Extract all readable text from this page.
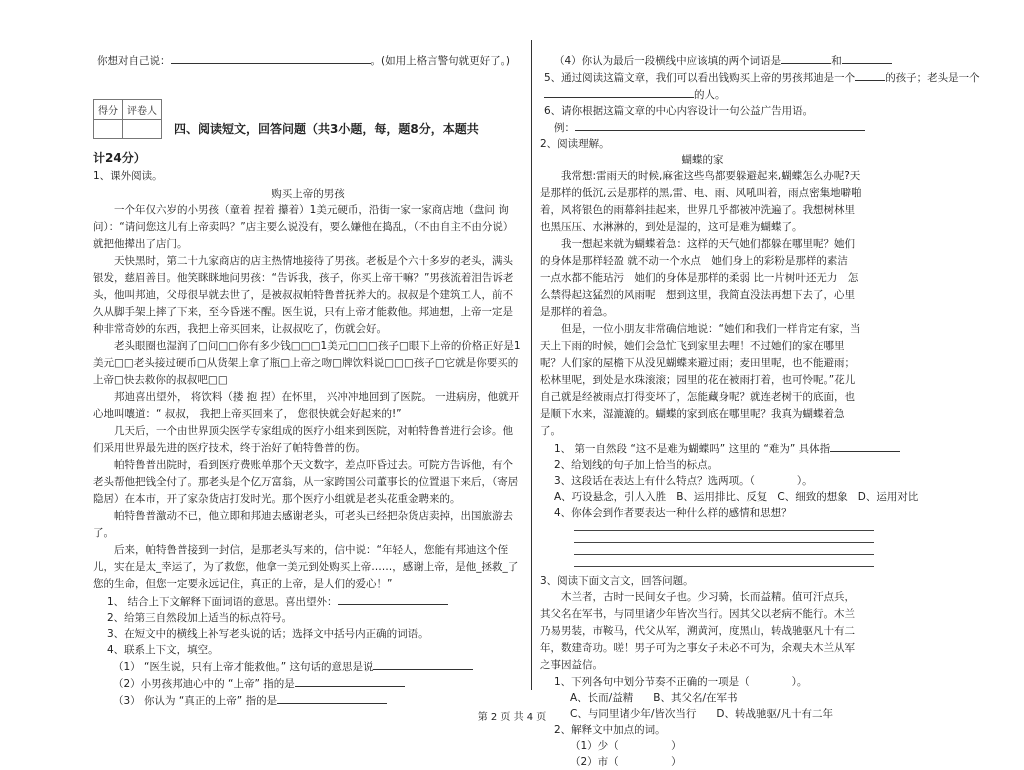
你想对自己说：	。(如用上格言警句就更好了。)
得分	评卷人

四、阅读短文，回答问题（共3小题，每，题8分，本题共
计24分）
1、课外阅读。
购买上帝的男孩
一个年仅六岁的小男孩（童着 捏着 攥着）1美元硬币，沿街一家一家商店地（盘问 询问）：“请问您这儿有上帝卖吗？”店主要么说没有，要么嫌他在捣乱，（不由自主不由分说）就把他撵出了店门。
天快黑时，第二十九家商店的店主热情地接待了男孩。老板是个六十多岁的老头，满头银发，慈眉善目。他笑眯眯地问男孩：“告诉我，孩子，你买上帝干嘛？”男孩流着泪告诉老头，他叫邦迪，父母很早就去世了，是被叔叔帕特鲁普抚养大的。叔叔是个建筑工人，前不久从脚手架上摔了下来，至今昏迷不醒。医生说，只有上帝才能救他。邦迪想，上帝一定是种非常奇妙的东西，我把上帝买回来，让叔叔吃了，伤就会好。
老头眼圈也湿润了□问□□你有多少钱□□□1美元□□□孩子□眼下上帝的价格正好是1美元□□老头接过硬币□从货架上拿了瓶□上帝之吻□牌饮料说□□□孩子□它就是你要买的上帝□快去救你的叔叔吧□□
邦迪喜出望外， 将饮料（搂 抱 捏）在怀里， 兴冲冲地回到了医院。 一进病房，他就开心地叫嚷道：“ 叔叔， 我把上帝买回来了， 您很快就会好起来的!”
几天后，一个由世界顶尖医学专家组成的医疗小组来到医院，对帕特鲁普进行会诊。他们采用世界最先进的医疗技术，终于治好了帕特鲁普的伤。
帕特鲁普出院时，看到医疗费账单那个天文数字，差点吓昏过去。可院方告诉他，有个老头帮他把钱全付了。那老头是个亿万富翁，从一家跨国公司董事长的位置退下来后，（寄居 隐居）在本市，开了家杂货店打发时光。那个医疗小组就是老头花重金聘来的。
帕特鲁普激动不已，他立即和邦迪去感谢老头，可老头已经把杂货店卖掉，出国旅游去了。
后来，帕特鲁普接到一封信，是那老头写来的，信中说：“年轻人，您能有邦迪这个侄儿，实在是太_幸运了，为了救您，他拿一美元到处购买上帝……，感谢上帝，是他_拯救_了您的生命，但您一定要永远记住，真正的上帝，是人们的爱心！”
1、 结合上下文解释下面词语的意思。喜出望外：
2、给第三自然段加上适当的标点符号。
3、在短文中的横线上补写老头说的话；选择文中括号内正确的词语。
4、联系上下文，填空。
（1） “医生说，只有上帝才能救他。” 这句话的意思是说
（2）小男孩邦迪心中的 “上帝” 指的是
（3） 你认为 “真正的上帝” 指的是
（4）你认为最后一段横线中应该填的两个词语是	和
5、通过阅读这篇文章，我们可以看出钱购买上帝的男孩邦迪是一个	的孩子；老头是一个
的人。
6、请你根据这篇文章的中心内容设计一句公益广告用语。
例：
2、阅读理解。
蝴蝶的家
我常想:雷雨天的时候,麻雀这些鸟都要躲避起来,蝴蝶怎么办呢?天是那样的低沉,云是那样的黑,雷、电、雨、风吼叫着，雨点密集地噼啪着，风将银色的雨幕斜挂起来，世界几乎都被冲洗遍了。我想树林里也黑压压、水淋淋的，到处是湿的，这可是难为蝴蝶了。
我一想起来就为蝴蝶着急：这样的天气她们都躲在哪里呢？她们的身体是那样轻盈 就不动一个水点　她们身上的彩粉是那样的素洁　一点水都不能玷污　她们的身体是那样的柔弱 比一片树叶还无力　怎么禁得起这猛烈的风雨呢　想到这里，我简直没法再想下去了，心里是那样的着急。
但是，一位小朋友非常确信地说：“她们和我们一样肯定有家，当天上下雨的时候，她们会急忙飞到家里去哩！不过她们的家在哪里呢？人们家的屋檐下从没见蝴蝶来避过雨；麦田里呢，也不能避雨；松林里呢，到处是水珠滚滚；园里的花在被雨打着，也可怜呢。”花儿自己就是经被雨点打得变坏了，怎能藏身呢？就连老树干的底面，也是顺下水来，湿漉漉的。蝴蝶的家到底在哪里呢？我真为蝴蝶着急了。
1、 第一自然段 “这不是难为蝴蝶吗” 这里的 “难为” 具体指
2、给划线的句子加上恰当的标点。
3、这段话在表达上有什么特点？选两项。（　　　　）。
A、巧设悬念，引人入胜 B、运用排比、反复 C、细致的想象 D、运用对比
4、你体会到作者要表达一种什么样的感情和思想？
3、阅读下面文言文，回答问题。
木兰者，古时一民间女子也。少习骑，长而益精。值可汗点兵，其父名在军书，与同里诸少年皆次当行。因其父以老病不能行。木兰乃易男装，市鞍马，代父从军，溯黄河，度黑山，转战驰驱凡十有二年，数建奇功。嗟！男子可为之事女子未必不可为，余观夫木兰从军之事因益信。
1、下列各句中划分节奏不正确的一项是（　　　　）。
A、长而/益精 B、其父名/在军书
C、与同里诸少年/皆次当行 D、转战驰驱/凡十有二年
2、解释文中加点的词。
（1）少（　　　　　）
（2）市（　　　　　）
第 2 页 共 4 页
